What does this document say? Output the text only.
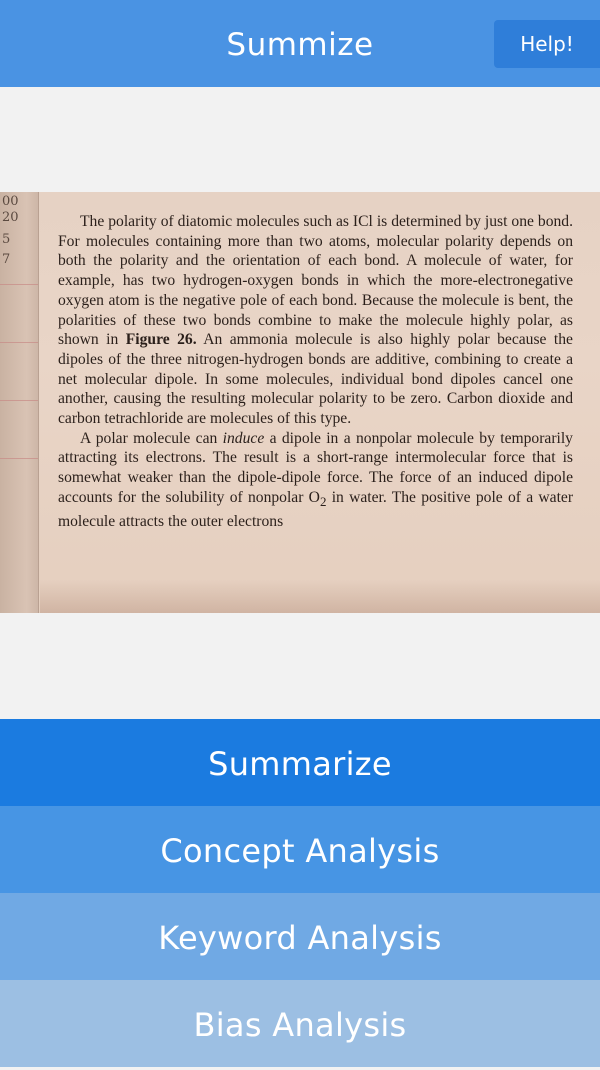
Summize	Help!
00
20
5
7

The polarity of diatomic molecules such as ICl is determined by just one bond. For molecules containing more than two atoms, molecular polarity depends on both the polarity and the orientation of each bond. A molecule of water, for example, has two hydrogen-oxygen bonds in which the more-electronegative oxygen atom is the negative pole of each bond. Because the molecule is bent, the polarities of these two bonds combine to make the molecule highly polar, as shown in Figure 26. An ammonia molecule is also highly polar because the dipoles of the three nitrogen-hydrogen bonds are additive, combining to create a net molecular dipole. In some molecules, individual bond dipoles cancel one another, causing the resulting molecular polarity to be zero. Carbon dioxide and carbon tetrachloride are molecules of this type.

A polar molecule can induce a dipole in a nonpolar molecule by temporarily attracting its electrons. The result is a short-range intermolecular force that is somewhat weaker than the dipole-dipole force. The force of an induced dipole accounts for the solubility of nonpolar $O_2$ in water. The positive pole of a water molecule attracts the outer electrons

Summarize
Concept Analysis
Keyword Analysis
Bias Analysis
